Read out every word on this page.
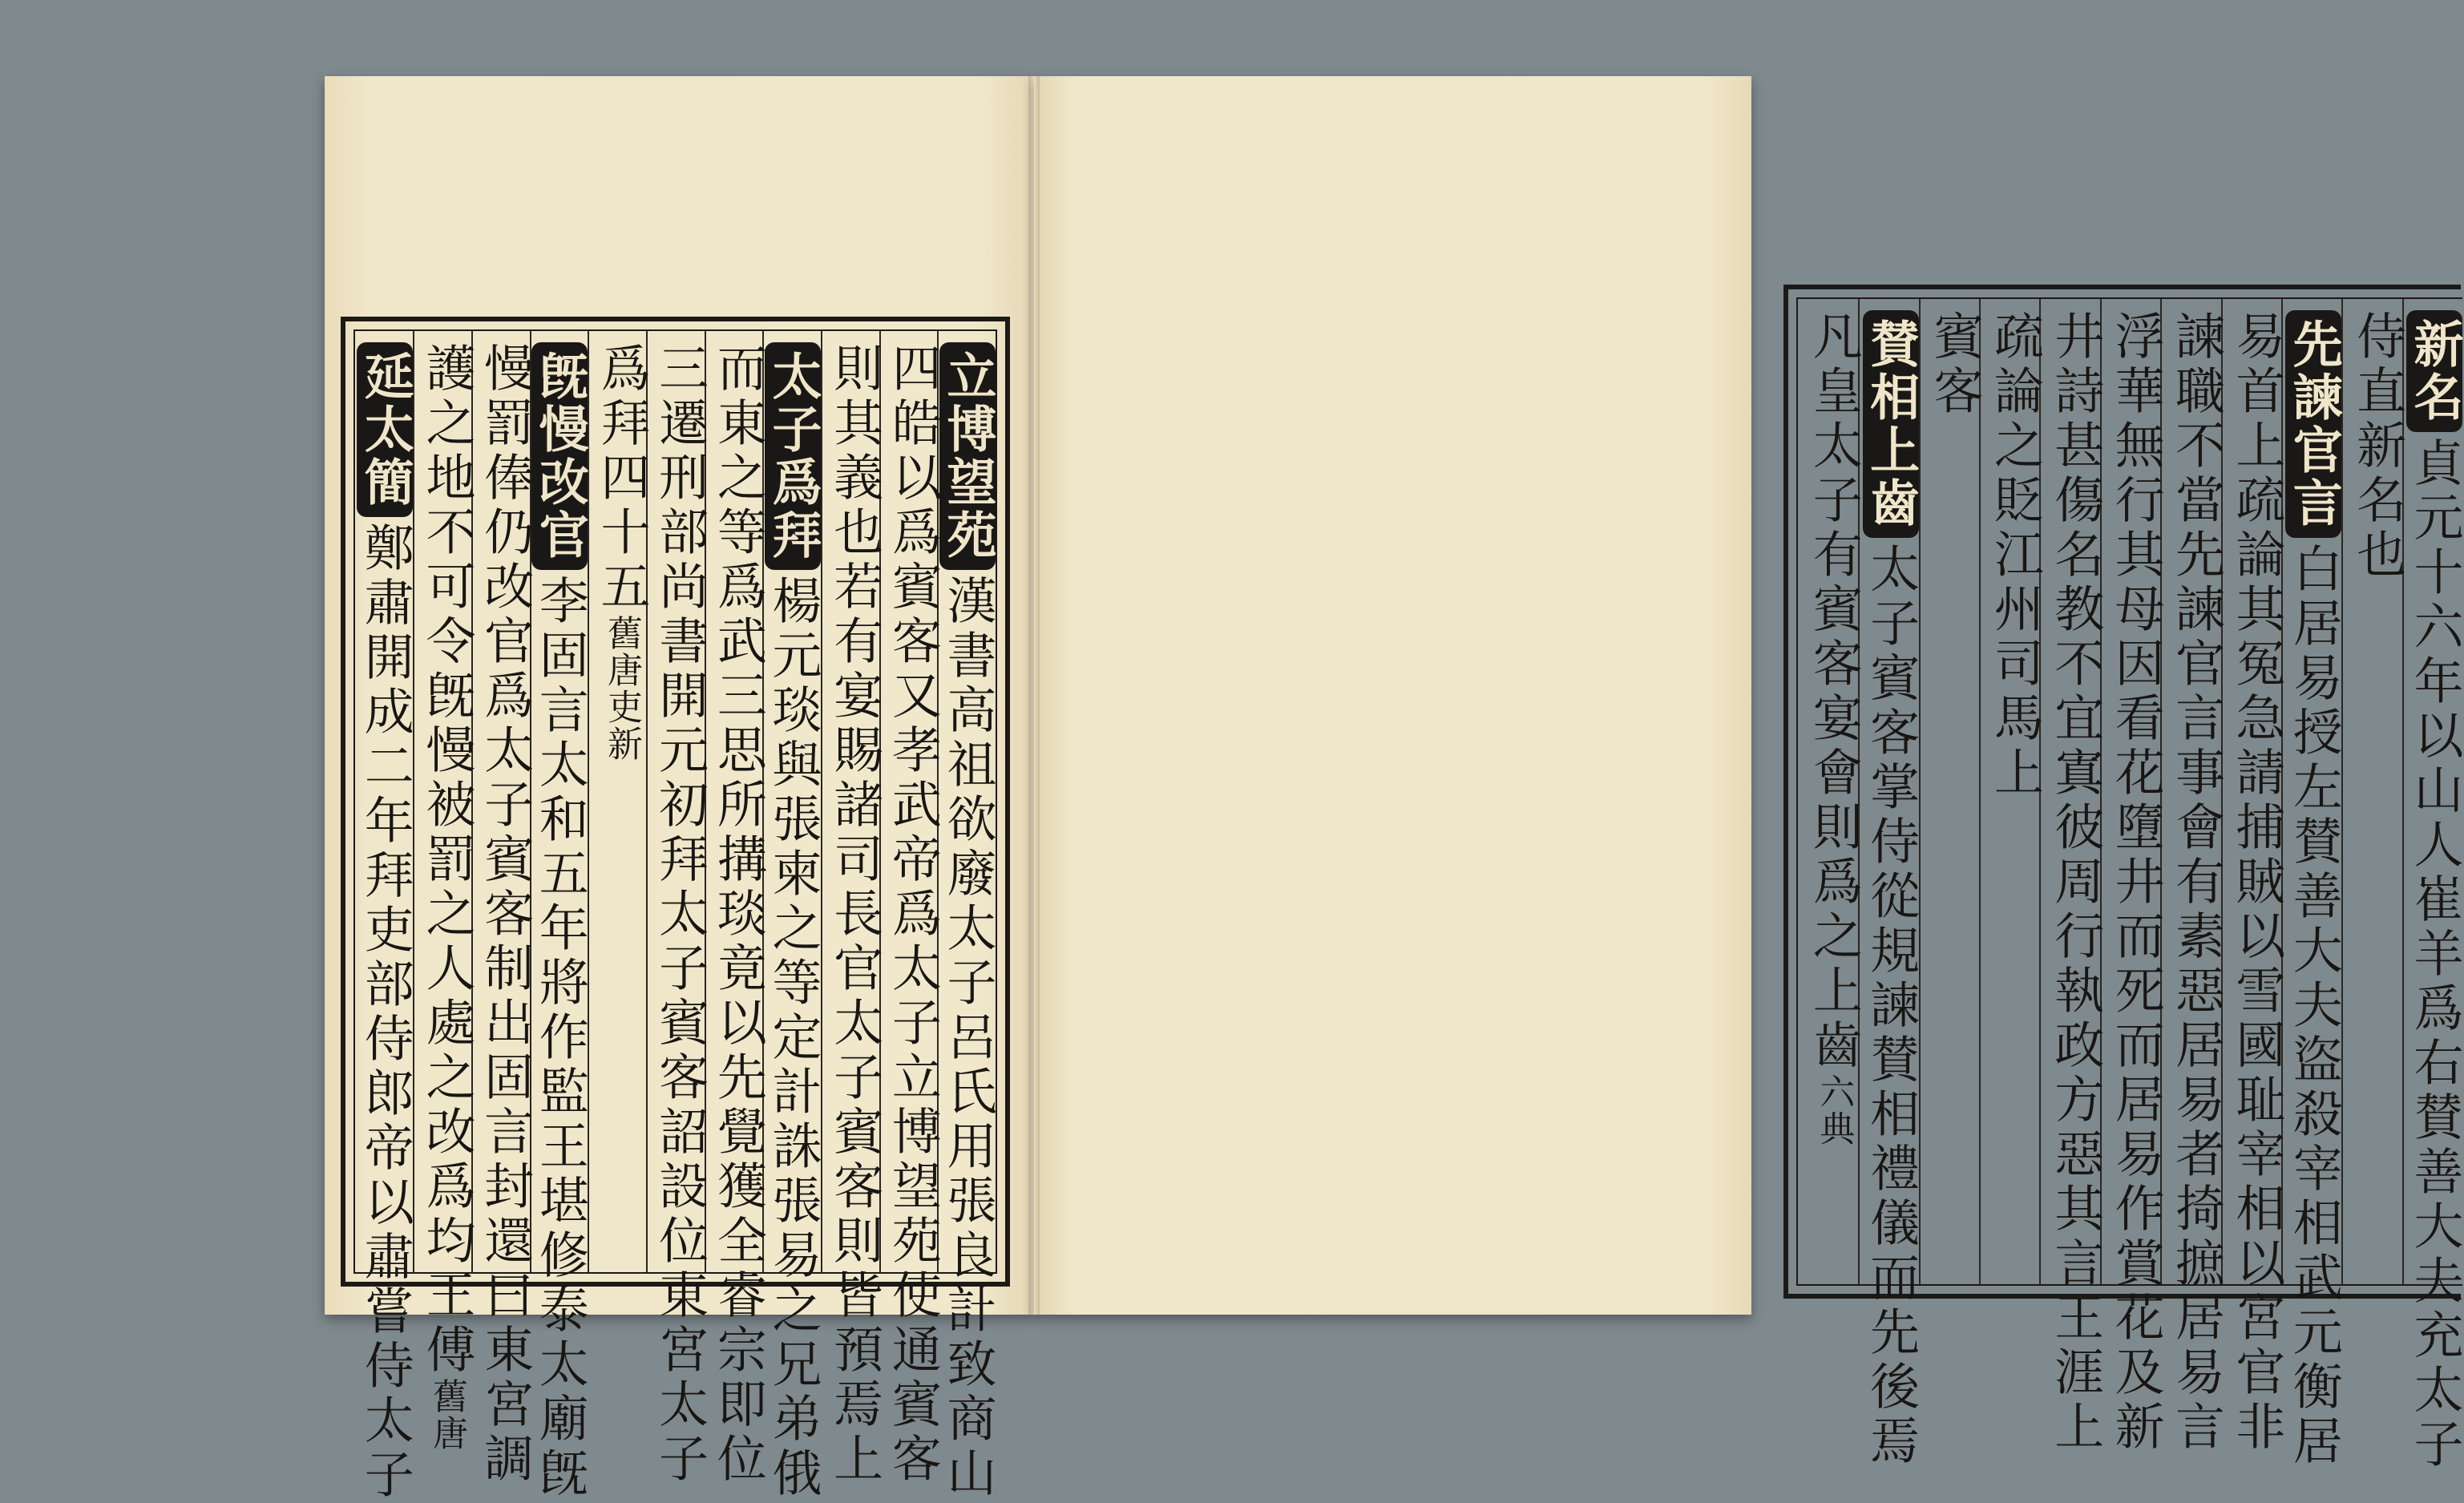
立博望苑漢書高祖欲廢太子呂氏用張良計致商山
四皓以爲賓客又孝武帝爲太子立博望苑使通賓客
則其義也若有宴賜諸司長官太子賓客則皆預焉上
太子爲拜楊元琰與張柬之等定計誅張易之兄弟俄
而東之等爲武三思所搆琰竟以先覺獲全睿宗即位
三遷刑部尚書開元初拜太子賓客詔設位東宮太子
爲拜四十五舊唐吏新
旣慢改官李固言太和五年將作監王堪修泰太廟旣
慢罰俸仍改官爲太子賓客制出固言封還曰東宮調
護之地不可令旣慢被罰之人處之改爲均王傅舊唐
延太簡鄭肅開成二年拜吏部侍郎帝以肅嘗侍太子
新名貞元十六年以山人崔羊爲右賛善大夫充太子
侍直新名也
先諫官言白居易授左賛善大夫盜殺宰相武元衡居
易首上疏論其冤急請捕賊以雪國耻宰相以宮官非
諫職不當先諫官言事會有素惡居易者掎摭居易言
浮華無行其母因看花墮井而死而居易作賞花及新
井詩甚傷名教不宜寘彼周行執政方惡其言王涯上
疏論之貶江州司馬上
賓客
賛相上齒太子賓客掌侍從規諫賛相禮儀而先後焉
凡皇太子有賓客宴會則爲之上齒六典
